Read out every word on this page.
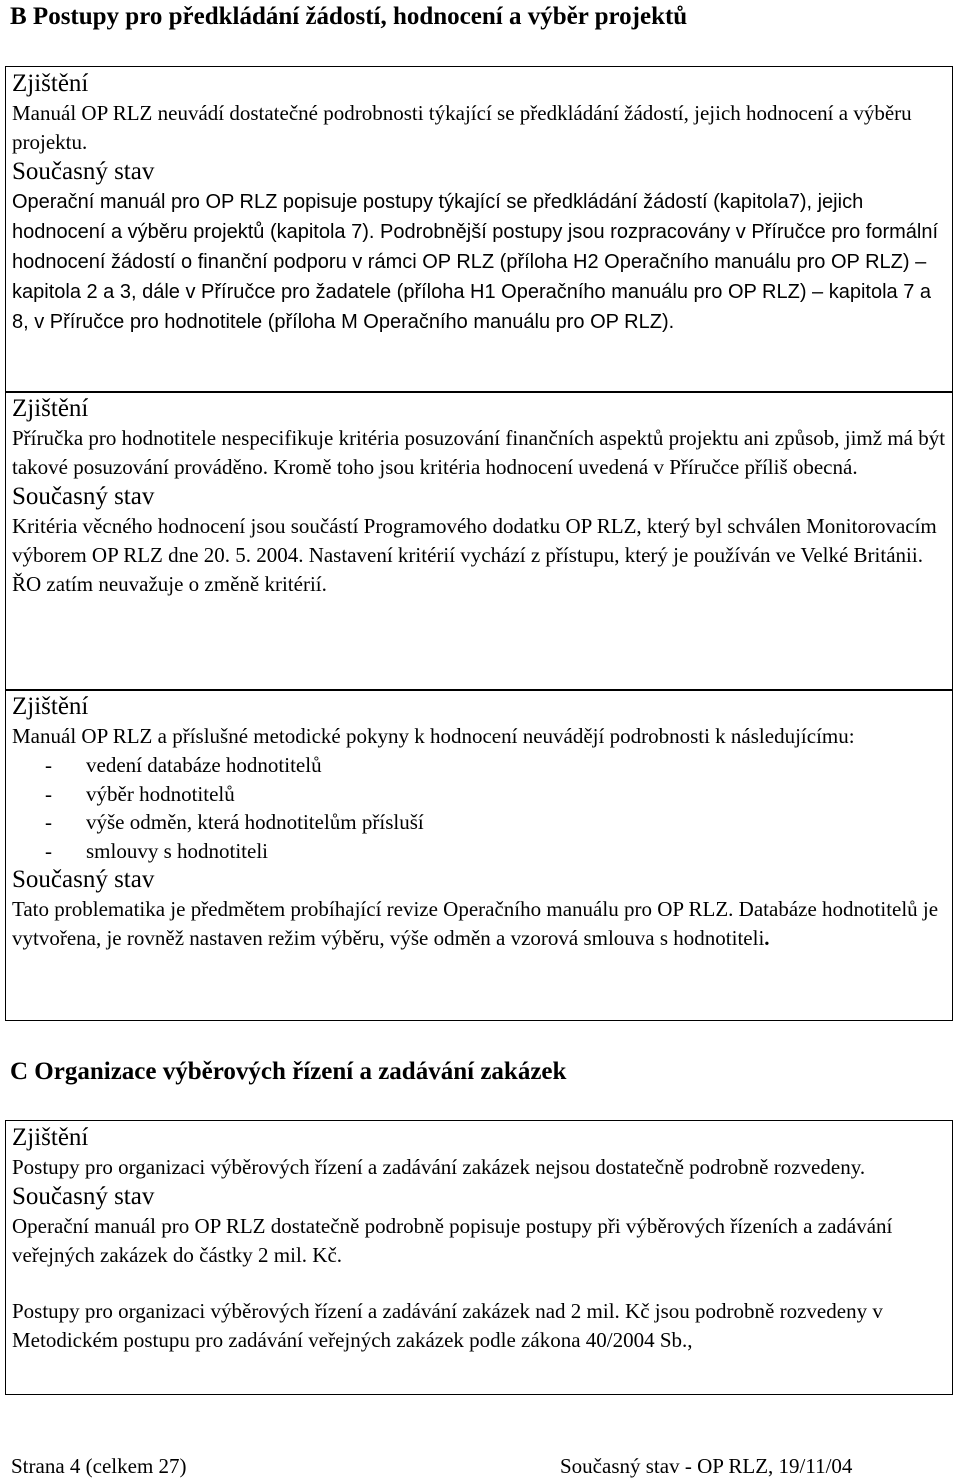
B Postupy pro předkládání žádostí, hodnocení a výběr projektů

Zjištění

Manuál OP RLZ neuvádí dostatečné podrobnosti týkající se předkládání žádostí, jejich hodnocení a výběru projektu.

Současný stav

Operační manuál pro OP RLZ popisuje postupy týkající se předkládání žádostí (kapitola7), jejich hodnocení a výběru projektů (kapitola 7). Podrobnější postupy jsou rozpracovány v Příručce pro formální hodnocení žádostí o finanční podporu v rámci OP RLZ (příloha H2 Operačního manuálu pro OP RLZ) – kapitola 2 a 3, dále v Příručce pro žadatele (příloha H1 Operačního manuálu pro OP RLZ) – kapitola 7 a 8, v Příručce pro hodnotitele (příloha M Operačního manuálu pro OP RLZ).

Zjištění

Příručka pro hodnotitele nespecifikuje kritéria posuzování finančních aspektů projektu ani způsob, jimž má být takové posuzování prováděno. Kromě toho jsou kritéria hodnocení uvedená v Příručce příliš obecná.

Současný stav

Kritéria věcného hodnocení jsou součástí Programového dodatku OP RLZ, který byl schválen Monitorovacím výborem OP RLZ dne 20. 5. 2004. Nastavení kritérií vychází z přístupu, který je používán ve Velké Británii.

ŘO zatím neuvažuje o změně kritérií.

Zjištění

Manuál OP RLZ a příslušné metodické pokyny k hodnocení neuvádějí podrobnosti k následujícímu:

- vedení databáze hodnotitelů
- výběr hodnotitelů
- výše odměn, která hodnotitelům přísluší
- smlouvy s hodnotiteli

Současný stav

Tato problematika je předmětem probíhající revize Operačního manuálu pro OP RLZ. Databáze hodnotitelů je vytvořena, je rovněž nastaven režim výběru, výše odměn a vzorová smlouva s hodnotiteli.

C Organizace výběrových řízení a zadávání zakázek

Zjištění

Postupy pro organizaci výběrových řízení a zadávání zakázek nejsou dostatečně podrobně rozvedeny.

Současný stav

Operační manuál pro OP RLZ dostatečně podrobně popisuje postupy při výběrových řízeních a zadávání veřejných zakázek do částky 2 mil. Kč.

Postupy pro organizaci výběrových řízení a zadávání zakázek nad 2 mil. Kč jsou podrobně rozvedeny v Metodickém postupu pro zadávání veřejných zakázek podle zákona 40/2004 Sb.,

Strana 4 (celkem 27)	Současný stav - OP RLZ, 19/11/04
